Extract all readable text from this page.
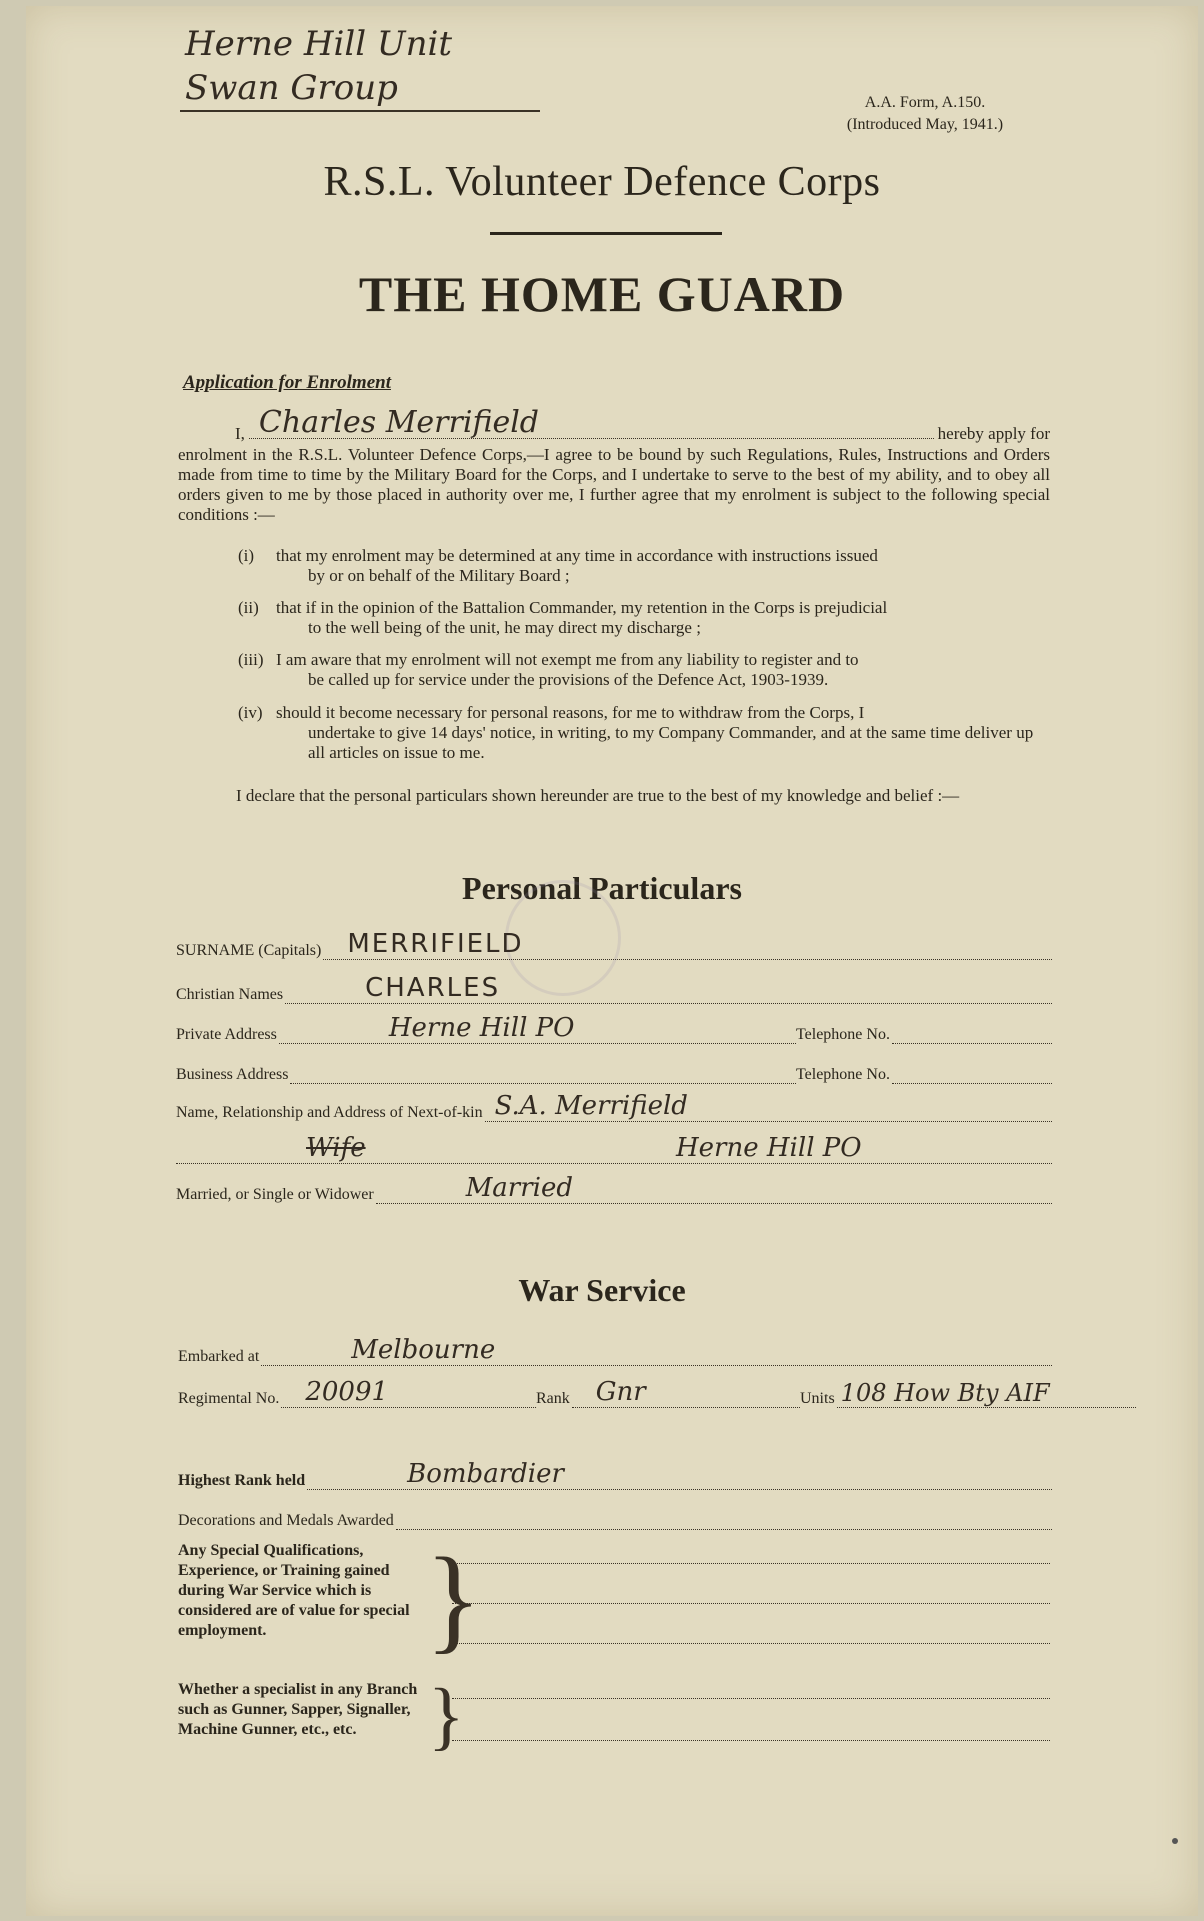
Herne Hill Unit
Swan Group	A.A. Form, A.150.
(Introduced May, 1941.)
R.S.L. Volunteer Defence Corps
THE HOME GUARD
Application for Enrolment
I, Charles Merrifield	hereby apply for
enrolment in the R.S.L. Volunteer Defence Corps,—I agree to be bound by such Regulations, Rules, Instructions and Orders made from time to time by the Military Board for the Corps, and I undertake to serve to the best of my ability, and to obey all orders given to me by those placed in authority over me, I further agree that my enrolment is subject to the following special conditions :—
(i) that my enrolment may be determined at any time in accordance with instructions issued
by or on behalf of the Military Board ;
(ii) that if in the opinion of the Battalion Commander, my retention in the Corps is prejudicial
to the well being of the unit, he may direct my discharge ;
(iii) I am aware that my enrolment will not exempt me from any liability to register and to
be called up for service under the provisions of the Defence Act, 1903-1939.
(iv) should it become necessary for personal reasons, for me to withdraw from the Corps, I
undertake to give 14 days' notice, in writing, to my Company Commander, and at the same time deliver up all articles on issue to me.
I declare that the personal particulars shown hereunder are true to the best of my knowledge and belief :—
Personal Particulars
SURNAME (Capitals) MERRIFIELD
Christian Names	CHARLES
Private Address	Herne Hill PO	Telephone No.
Business Address	Telephone No.
Name, Relationship and Address of Next-of-kin S.A. Merrifield
Wife	Herne Hill PO
Married, or Single or Widower	Married
War Service
Embarked at	Melbourne
Regimental No. 20091	Rank Gnr	Units 108 How Bty AIF
Highest Rank held	Bombardier
Decorations and Medals Awarded
Any Special Qualifications, Experience, or Training gained during War Service which is considered are of value for special employment.	}
Whether a specialist in any Branch such as Gunner, Sapper, Signaller, Machine Gunner, etc., etc. }
